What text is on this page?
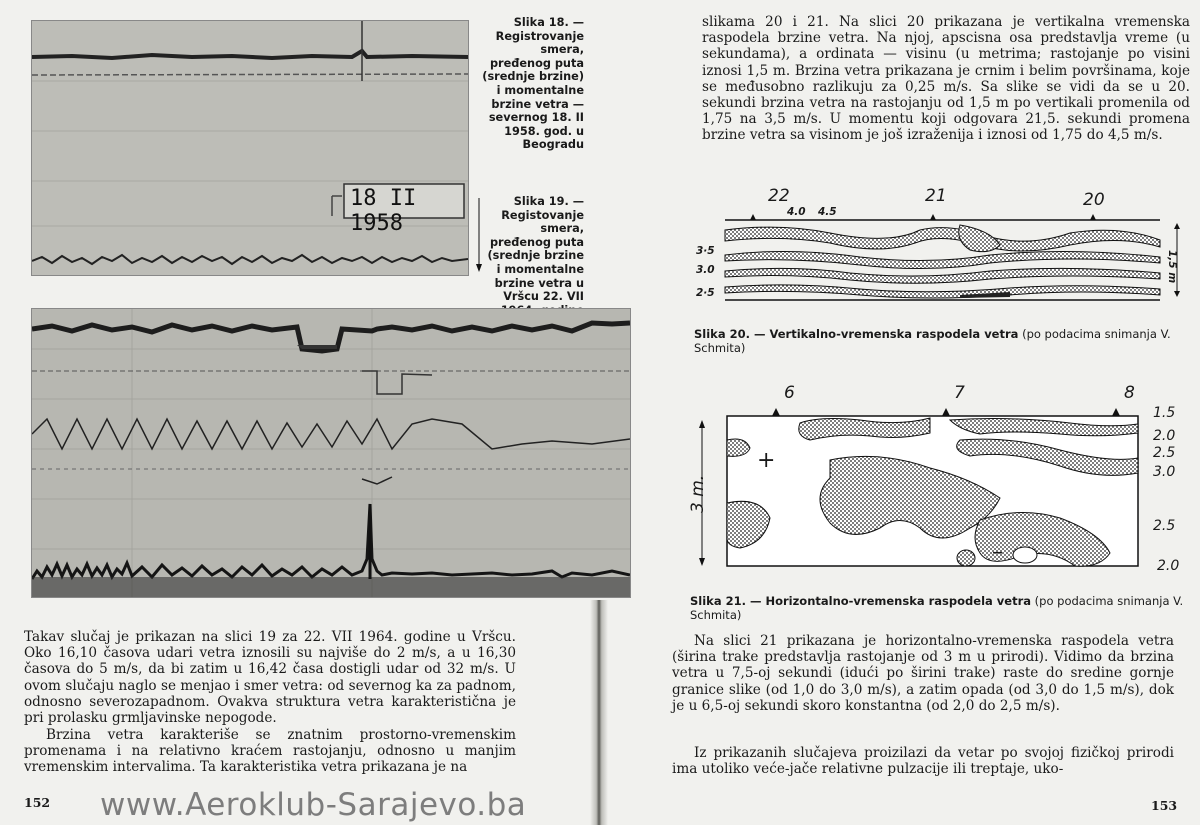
18 II 1958
Slika 18. — Registrovanje smera, pređenog puta (srednje brzine) i momentalne brzine vetra — severnog 18. II 1958. god. u Beogradu
Slika 19. — Registovanje smera, pređenog puta (srednje brzine i momentalne brzine vetra u Vršcu 22. VII

Takav slučaj je prikazan na slici 19 za 22. VII 1964. godine u Vršcu. Oko 16,10 časova udari vetra iznosili su najviše do 2 m/s, a u 16,30 časova do 5 m/s, da bi zatim u 16,42 časa dostigli udar od 32 m/s. U ovom slučaju naglo se menjao i smer vetra: od severnog ka za padnom, odnosno severozapadnom. Ovakva struktura vetra karakteristična je pri prolasku grmljavinske nepogode.

Brzina vetra karakteriše se znatnim prostorno-vremenskim promenama i na relativno kraćem rastojanju, odnosno u manjim vremenskim intervalima. Ta karakteristika vetra prikazana je na

152 www.Aeroklub-Sarajevo.ba

slikama 20 i 21. Na slici 20 prikazana je vertikalna vremenska raspodela brzine vetra. Na njoj, apscisna osa predstavlja vreme (u sekundama), a ordinata — visinu (u metrima; rastojanje po visini iznosi 1,5 m. Brzina vetra prikazana je crnim i belim površinama, koje se međusobno razlikuju za 0,25 m/s. Sa slike se vidi da se u 20. sekundi brzina vetra na rastojanju od 1,5 m po vertikali promenila od 1,75 na 3,5 m/s. U momentu koji odgovara 21,5. sekundi promena brzine vetra sa visinom je još izraženija i iznosi od 1,75 do 4,5 m/s.

22	21	20
4.0 4.5
3·5
3.0
2·5
1,5 m
Slika 20. — Vertikalno-vremenska raspodela vetra (po podacima snimanja V. Schmita)
6	7	8
1.5
2.0
2.5
3.0
2.5
2.0
+
–
3 m.
Slika 21. — Horizontalno-vremenska raspodela vetra (po podacima snimanja V. Schmita)

Na slici 21 prikazana je horizontalno-vremenska raspodela vetra (širina trake predstavlja rastojanje od 3 m u prirodi). Vidimo da brzina vetra u 7,5-oj sekundi (idući po širini trake) raste do sredine gornje granice slike (od 1,0 do 3,0 m/s), a zatim opada (od 3,0 do 1,5 m/s), dok je u 6,5-oj sekundi skoro konstantna (od 2,0 do 2,5 m/s).

Iz prikazanih slučajeva proizilazi da vetar po svojoj fizičkoj prirodi ima utoliko veće-jače relativne pulzacije ili treptaje, uko-

153
